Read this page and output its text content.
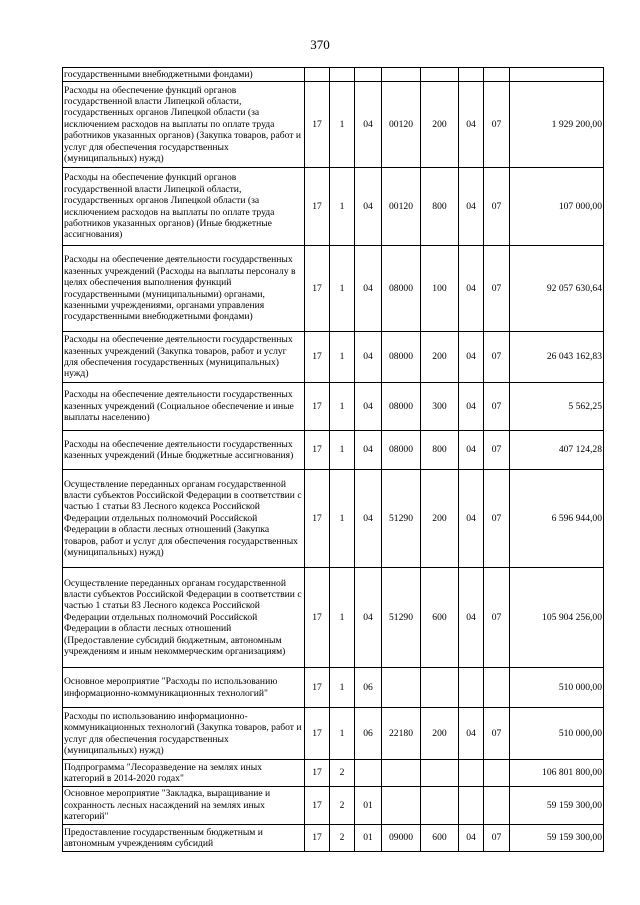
370
государственными внебюджетными фондами)								
Расходы на обеспечение функций органов государственной власти Липецкой области, государственных органов Липецкой области (за исключением расходов на выплаты по оплате труда работников указанных органов) (Закупка товаров, работ и услуг для обеспечения государственных (муниципальных) нужд)	17	1	04	00120	200	04	07	1 929 200,00
Расходы на обеспечение функций органов государственной власти Липецкой области, государственных органов Липецкой области (за исключением расходов на выплаты по оплате труда работников указанных органов) (Иные бюджетные ассигнования)	17	1	04	00120	800	04	07	107 000,00
Расходы на обеспечение деятельности государственных казенных учреждений (Расходы на выплаты персоналу в целях обеспечения выполнения функций государственными (муниципальными) органами, казенными учреждениями, органами управления государственными внебюджетными фондами)	17	1	04	08000	100	04	07	92 057 630,64
Расходы на обеспечение деятельности государственных казенных учреждений (Закупка товаров, работ и услуг для обеспечения государственных (муниципальных) нужд)	17	1	04	08000	200	04	07	26 043 162,83
Расходы на обеспечение деятельности государственных казенных учреждений (Социальное обеспечение и иные выплаты населению)	17	1	04	08000	300	04	07	5 562,25
Расходы на обеспечение деятельности государственных казенных учреждений (Иные бюджетные ассигнования)	17	1	04	08000	800	04	07	407 124,28
Осуществление переданных органам государственной власти субъектов Российской Федерации в соответствии с частью 1 статьи 83 Лесного кодекса Российской Федерации отдельных полномочий Российской Федерации в области лесных отношений (Закупка товаров, работ и услуг для обеспечения государственных (муниципальных) нужд)	17	1	04	51290	200	04	07	6 596 944,00
Осуществление переданных органам государственной власти субъектов Российской Федерации в соответствии с частью 1 статьи 83 Лесного кодекса Российской Федерации отдельных полномочий Российской Федерации в области лесных отношений (Предоставление субсидий бюджетным, автономным учреждениям и иным некоммерческим организациям)	17	1	04	51290	600	04	07	105 904 256,00
Основное мероприятие "Расходы по использованию информационно-коммуникационных технологий"	17	1	06					510 000,00
Расходы по использованию информационно-коммуникационных технологий (Закупка товаров, работ и услуг для обеспечения государственных (муниципальных) нужд)	17	1	06	22180	200	04	07	510 000,00
Подпрограмма "Лесоразведение на землях иных категорий в 2014-2020 годах"	17	2						106 801 800,00
Основное мероприятие "Закладка, выращивание и сохранность лесных насаждений на землях иных категорий"	17	2	01					59 159 300,00
Предоставление государственным бюджетным и автономным учреждениям субсидий	17	2	01	09000	600	04	07	59 159 300,00
